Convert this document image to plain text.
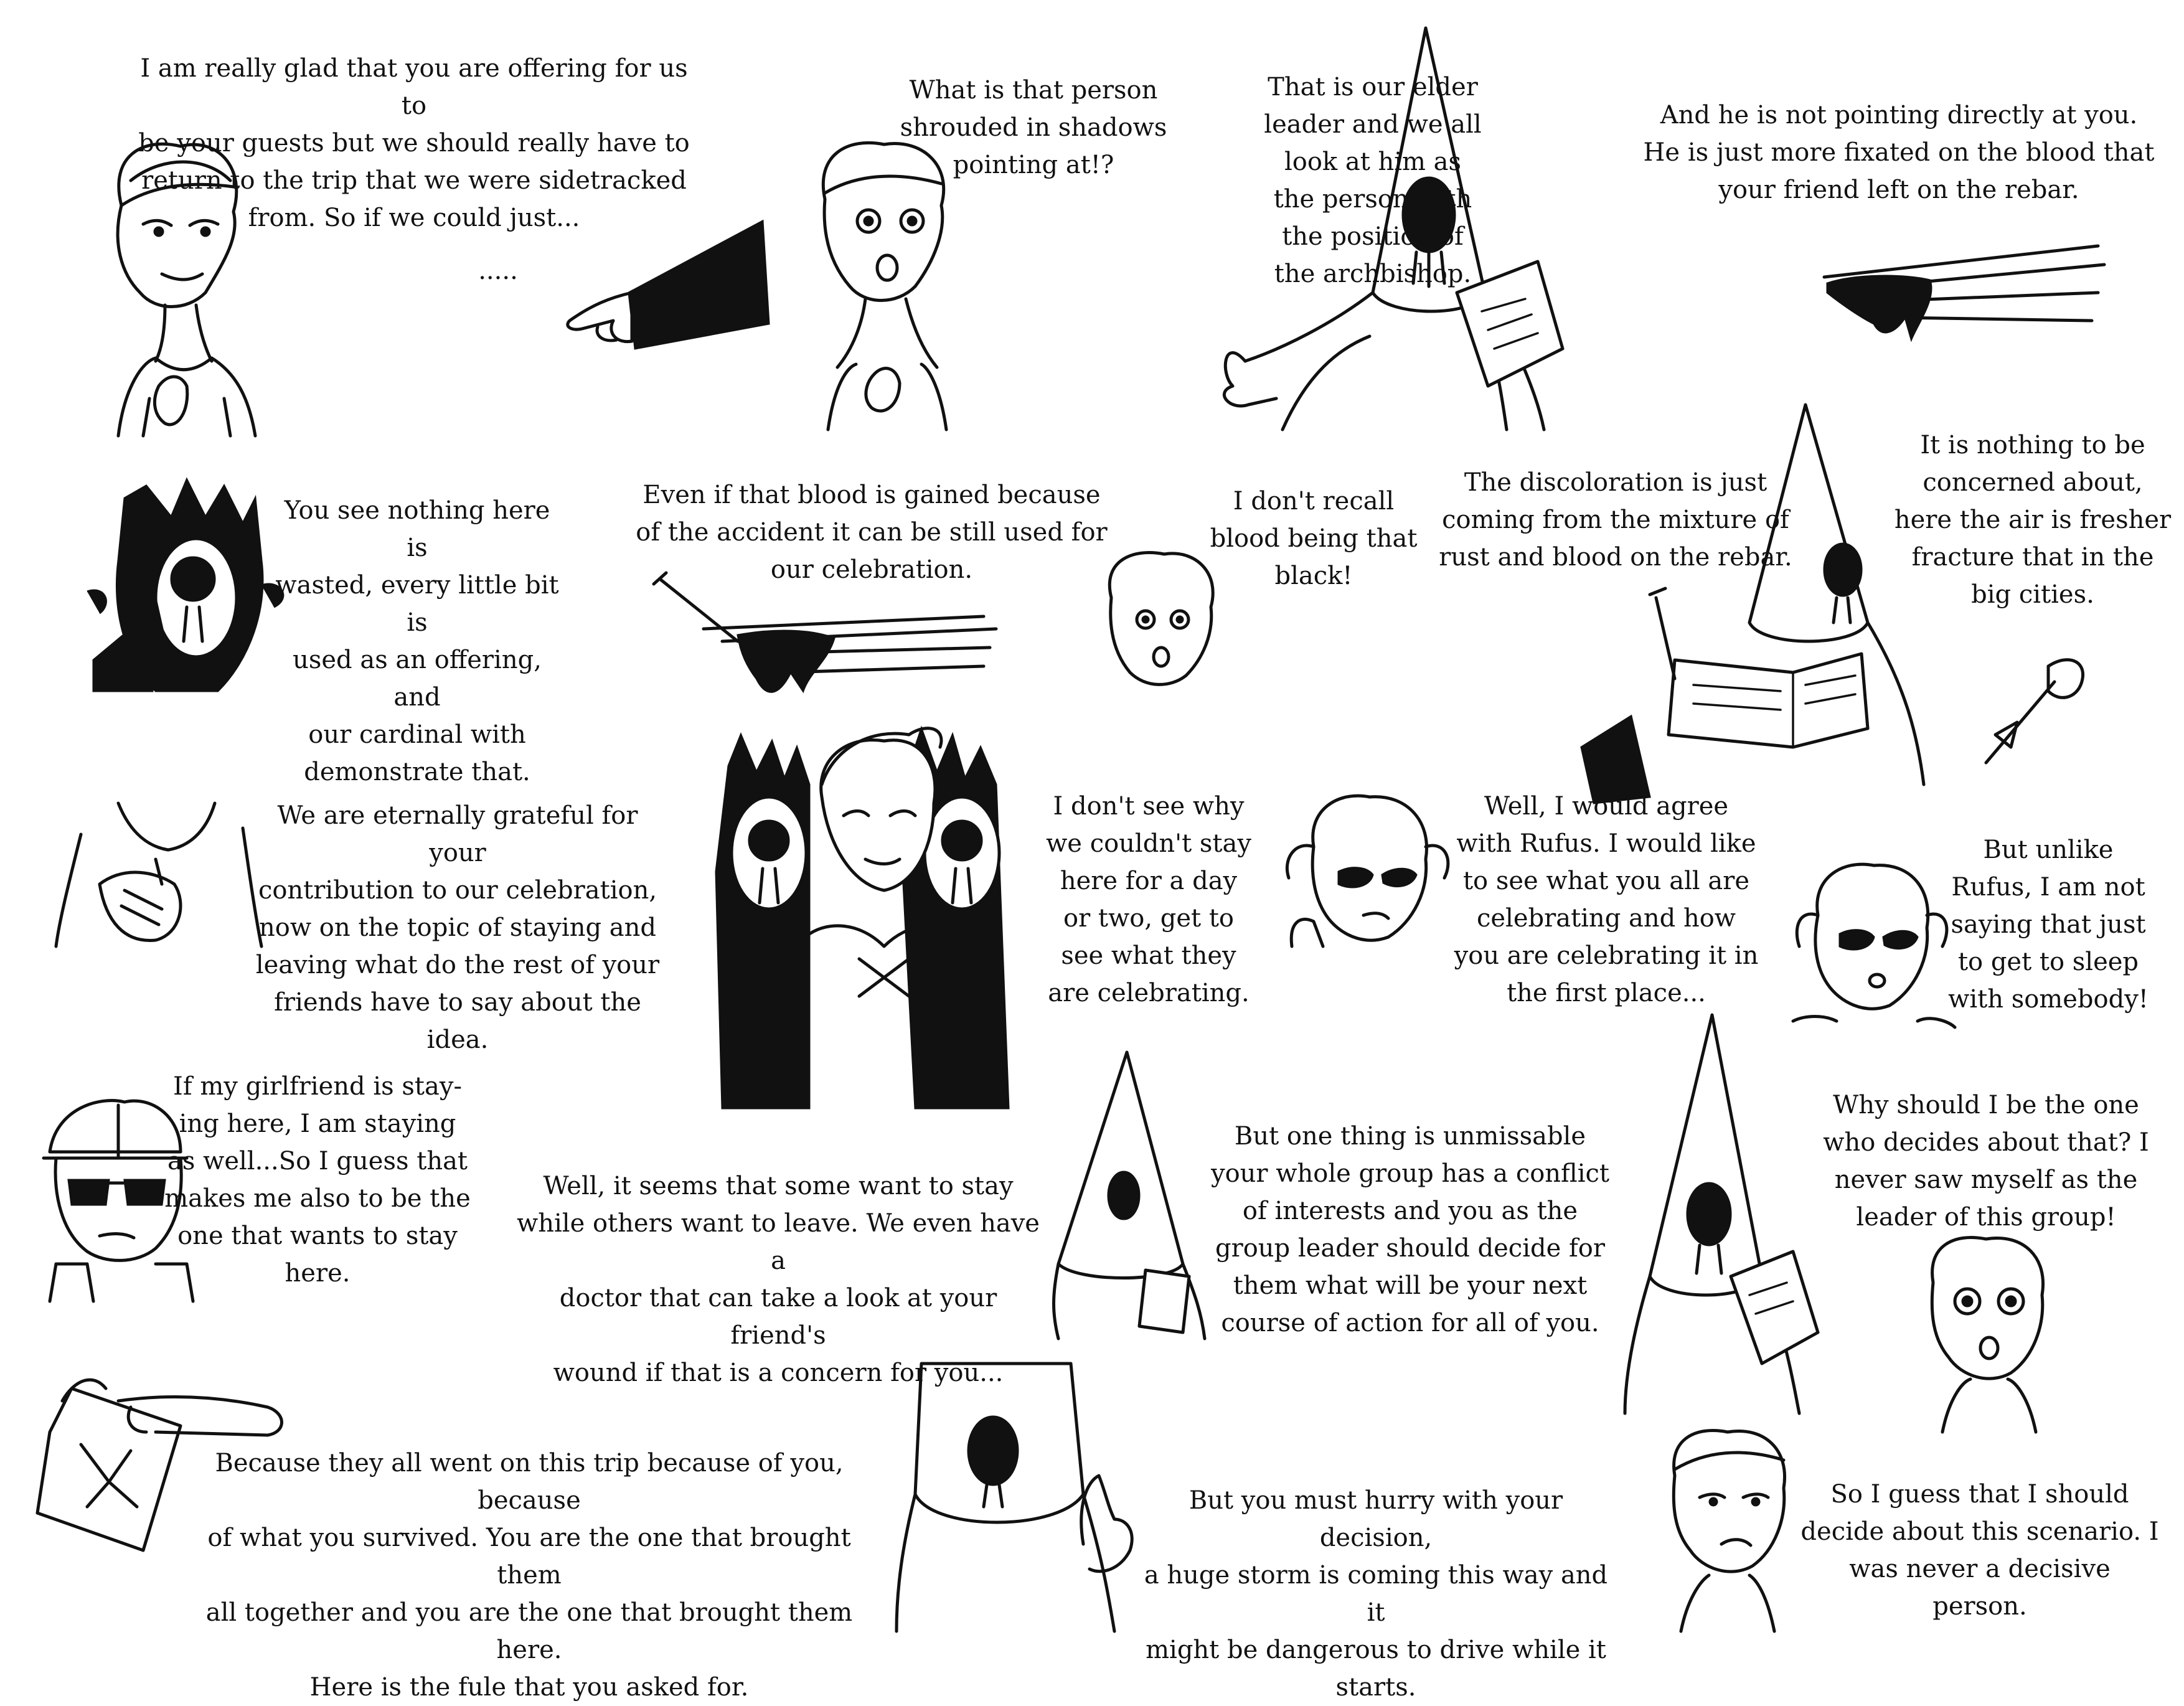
I am really glad that you are offering for us to
be your guests but we should really have to
return to the trip that we were sidetracked
from. So if we could just...
.....
What is that person
shrouded in shadows
pointing at!?
That is our elder
leader and we all
look at him as
the person with
the position of
the archbishop.
And he is not pointing directly at you.
He is just more fixated on the blood that
your friend left on the rebar.
You see nothing here is
wasted, every little bit is
used as an offering, and
our cardinal with
demonstrate that.
Even if that blood is gained because
of the accident it can be still used for
our celebration.
I don't recall
blood being that
black!
The discoloration is just
coming from the mixture of
rust and blood on the rebar.
It is nothing to be
concerned about,
here the air is fresher
fracture that in the
big cities.
We are eternally grateful for your
contribution to our celebration,
now on the topic of staying and
leaving what do the rest of your
friends have to say about the idea.
I don't see why
we couldn't stay
here for a day
or two, get to
see what they
are celebrating.
Well, I would agree
with Rufus. I would like
to see what you all are
celebrating and how
you are celebrating it in
the first place...
But unlike
Rufus, I am not
saying that just
to get to sleep
with somebody!
If my girlfriend is stay-
ing here, I am staying
as well...So I guess that
makes me also to be the
one that wants to stay
here.
Well, it seems that some want to stay
while others want to leave. We even have a
doctor that can take a look at your friend's
wound if that is a concern for you...
But one thing is unmissable
your whole group has a conflict
of interests and you as the
group leader should decide for
them what will be your next
course of action for all of you.
Why should I be the one
who decides about that? I
never saw myself as the
leader of this group!
Because they all went on this trip because of you, because
of what you survived. You are the one that brought them
all together and you are the one that brought them here.
Here is the fule that you asked for.
But you must hurry with your decision,
a huge storm is coming this way and it
might be dangerous to drive while it
starts.
So I guess that I should
decide about this scenario. I
was never a decisive
person.
